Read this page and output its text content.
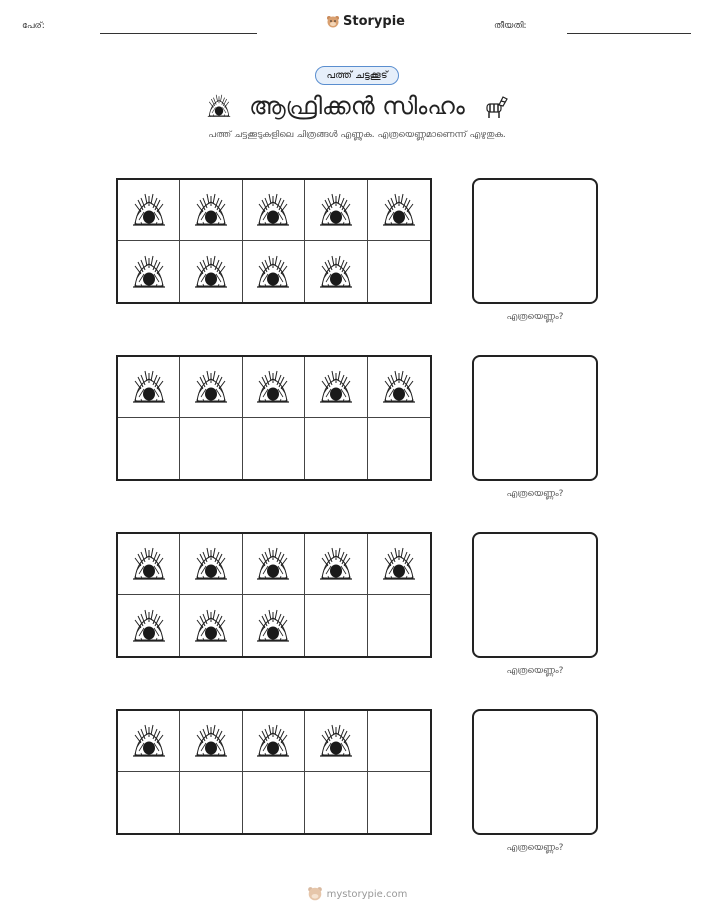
പേര്:	Storypie	തീയതി:
പത്ത് ചട്ടക്കൂട്
ആഫ്രിക്കൻ സിംഹം
പത്ത് ചട്ടക്കൂടുകളിലെ ചിത്രങ്ങൾ എണ്ണുക. എത്രയെണ്ണമാണെന്ന് എഴുതുക.
എത്രയെണ്ണം?
എത്രയെണ്ണം?
എത്രയെണ്ണം?
എത്രയെണ്ണം?
mystorypie.com
